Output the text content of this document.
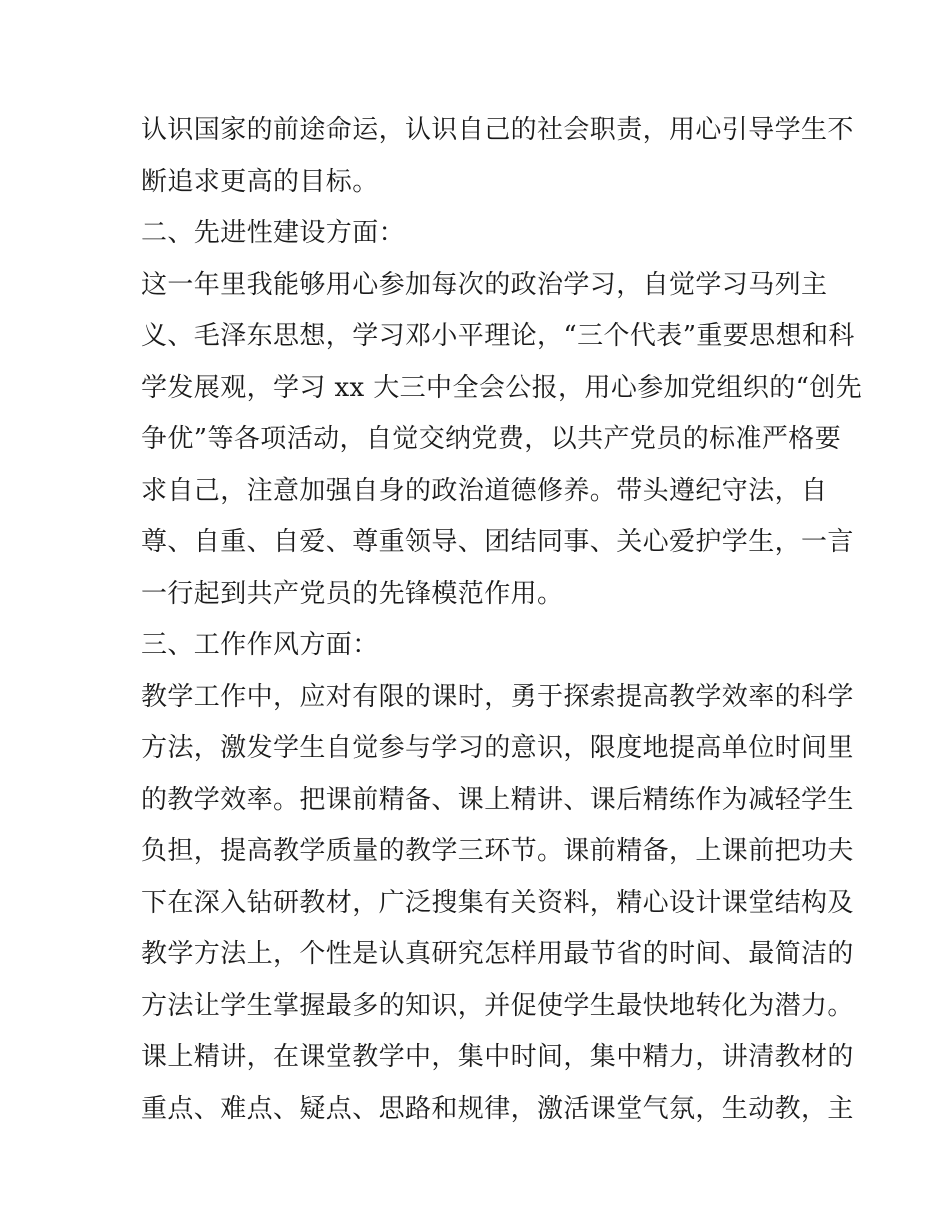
认识国家的前途命运，认识自己的社会职责，用心引导学生不

断追求更高的目标。

二、先进性建设方面：

这一年里我能够用心参加每次的政治学习，自觉学习马列主

义、毛泽东思想，学习邓小平理论，“三个代表”重要思想和科

学发展观，学习 xx 大三中全会公报，用心参加党组织的“创先

争优”等各项活动，自觉交纳党费，以共产党员的标准严格要

求自己，注意加强自身的政治道德修养。带头遵纪守法，自

尊、自重、自爱、尊重领导、团结同事、关心爱护学生，一言

一行起到共产党员的先锋模范作用。

三、工作作风方面：

教学工作中，应对有限的课时，勇于探索提高教学效率的科学

方法，激发学生自觉参与学习的意识，限度地提高单位时间里

的教学效率。把课前精备、课上精讲、课后精练作为减轻学生

负担，提高教学质量的教学三环节。课前精备，上课前把功夫

下在深入钻研教材，广泛搜集有关资料，精心设计课堂结构及

教学方法上，个性是认真研究怎样用最节省的时间、最简洁的

方法让学生掌握最多的知识，并促使学生最快地转化为潜力。

课上精讲，在课堂教学中，集中时间，集中精力，讲清教材的

重点、难点、疑点、思路和规律，激活课堂气氛，生动教，主
